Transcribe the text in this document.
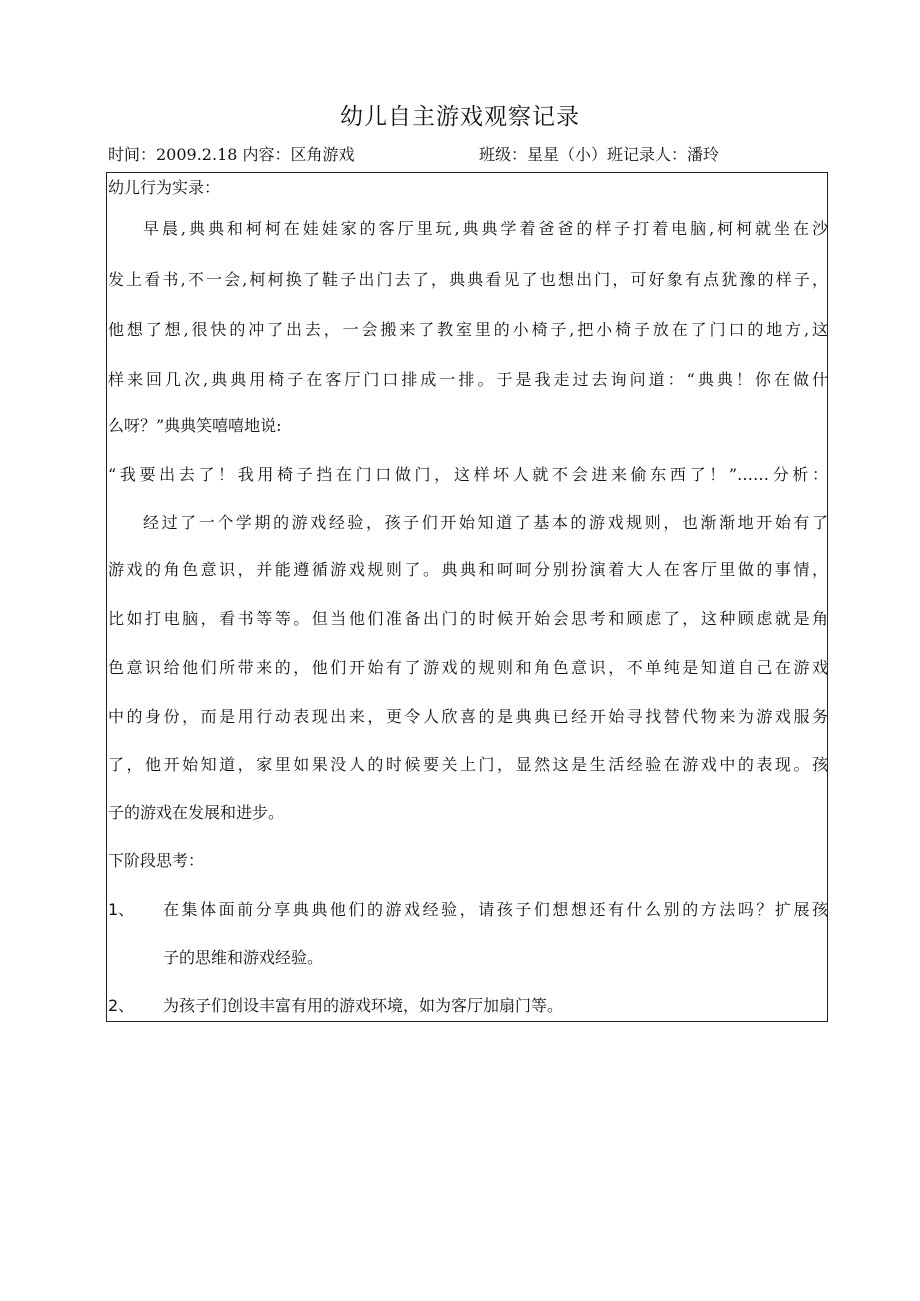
幼儿自主游戏观察记录
时间：2009.2.18 内容：区角游戏	班级：星星（小）班记录人：潘玲
幼儿行为实录：
早晨,典典和柯柯在娃娃家的客厅里玩,典典学着爸爸的样子打着电脑,柯柯就坐在沙
发上看书,不一会,柯柯换了鞋子出门去了，典典看见了也想出门，可好象有点犹豫的样子，
他想了想,很快的冲了出去，一会搬来了教室里的小椅子,把小椅子放在了门口的地方,这
样来回几次,典典用椅子在客厅门口排成一排。于是我走过去询问道：“典典！你在做什
么呀？”典典笑嘻嘻地说:
“我要出去了！我用椅子挡在门口做门，这样坏人就不会进来偷东西了！”……分析：
经过了一个学期的游戏经验，孩子们开始知道了基本的游戏规则，也渐渐地开始有了
游戏的角色意识，并能遵循游戏规则了。典典和呵呵分别扮演着大人在客厅里做的事情，
比如打电脑，看书等等。但当他们准备出门的时候开始会思考和顾虑了，这种顾虑就是角
色意识给他们所带来的，他们开始有了游戏的规则和角色意识，不单纯是知道自己在游戏
中的身份，而是用行动表现出来，更令人欣喜的是典典已经开始寻找替代物来为游戏服务
了，他开始知道，家里如果没人的时候要关上门，显然这是生活经验在游戏中的表现。孩
子的游戏在发展和进步。
下阶段思考：
1、 在集体面前分享典典他们的游戏经验，请孩子们想想还有什么别的方法吗？扩展孩
子的思维和游戏经验。
2、 为孩子们创设丰富有用的游戏环境，如为客厅加扇门等。
